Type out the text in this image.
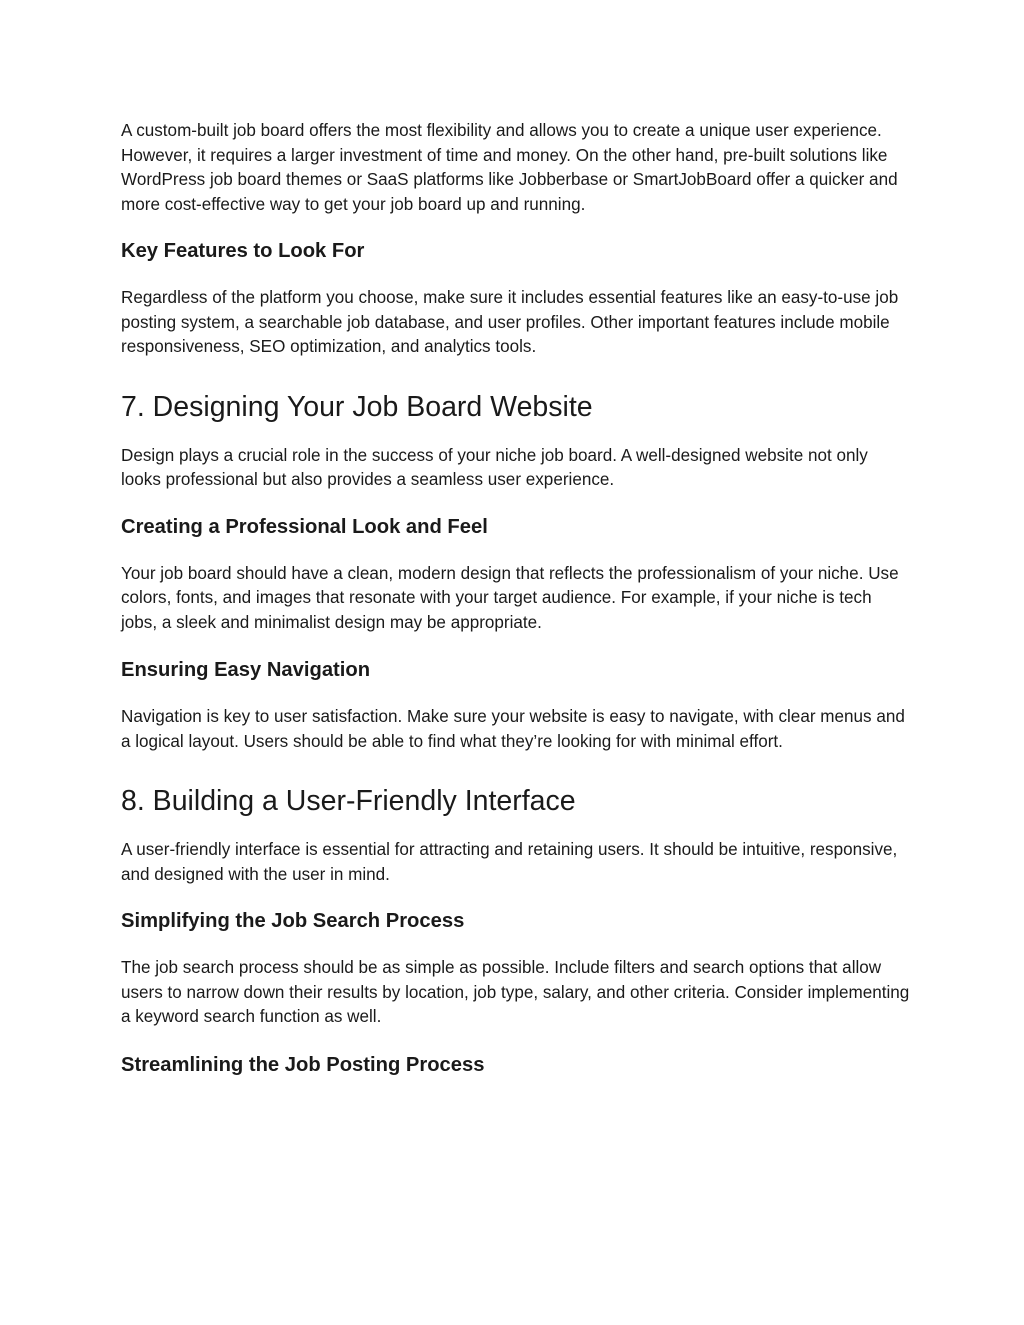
A custom-built job board offers the most flexibility and allows you to create a unique user experience. However, it requires a larger investment of time and money. On the other hand, pre-built solutions like WordPress job board themes or SaaS platforms like Jobberbase or SmartJobBoard offer a quicker and more cost-effective way to get your job board up and running.

Key Features to Look For

Regardless of the platform you choose, make sure it includes essential features like an easy-to-use job posting system, a searchable job database, and user profiles. Other important features include mobile responsiveness, SEO optimization, and analytics tools.

7. Designing Your Job Board Website

Design plays a crucial role in the success of your niche job board. A well-designed website not only looks professional but also provides a seamless user experience.

Creating a Professional Look and Feel

Your job board should have a clean, modern design that reflects the professionalism of your niche. Use colors, fonts, and images that resonate with your target audience. For example, if your niche is tech jobs, a sleek and minimalist design may be appropriate.

Ensuring Easy Navigation

Navigation is key to user satisfaction. Make sure your website is easy to navigate, with clear menus and a logical layout. Users should be able to find what they’re looking for with minimal effort.

8. Building a User-Friendly Interface

A user-friendly interface is essential for attracting and retaining users. It should be intuitive, responsive, and designed with the user in mind.

Simplifying the Job Search Process

The job search process should be as simple as possible. Include filters and search options that allow users to narrow down their results by location, job type, salary, and other criteria. Consider implementing a keyword search function as well.

Streamlining the Job Posting Process
